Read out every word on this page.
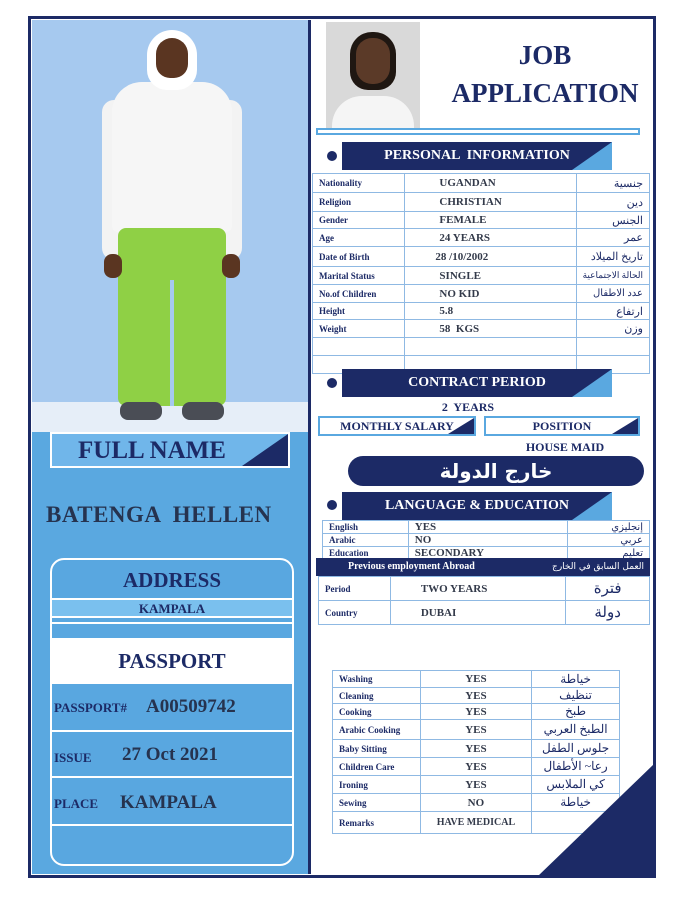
FULL NAME
BATENGA  HELLEN
ADDRESS
KAMPALA
PASSPORT
PASSPORT# A00509742
ISSUE 27 Oct 2021
PLACE KAMPALA
JOB
APPLICATION
PERSONAL  INFORMATION
Nationality	UGANDAN	جنسية
Religion	CHRISTIAN	دين
Gender	FEMALE	الجنس
Age	24 YEARS	عمر
Date of Birth	28 /10/2002	تاريخ الميلاد
Marital Status	SINGLE	الحالة الاجتماعية
No.of Children	NO KID	عدد الاطفال
Height	5.8	ارتفاع
Weight	58  KGS	وزن

CONTRACT PERIOD
2  YEARS
MONTHLY SALARY	POSITION
HOUSE MAID
خارج الدولة
LANGUAGE & EDUCATION
English	YES	إنجليزي
Arabic	NO	عربي
Education	SECONDARY	تعليم
Previous employment Abroad	العمل السابق في الخارج
Period	TWO YEARS	فترة
Country	DUBAI	دولة
Washing	YES	خياطة
Cleaning	YES	تنظيف
Cooking	YES	طبخ
Arabic Cooking	YES	الطبخ العربي
Baby Sitting	YES	جلوس الطفل
Children Care	YES	رعا~ الأطفال
Ironing	YES	كي الملابس
Sewing	NO	خياطة
Remarks	HAVE MEDICAL	
